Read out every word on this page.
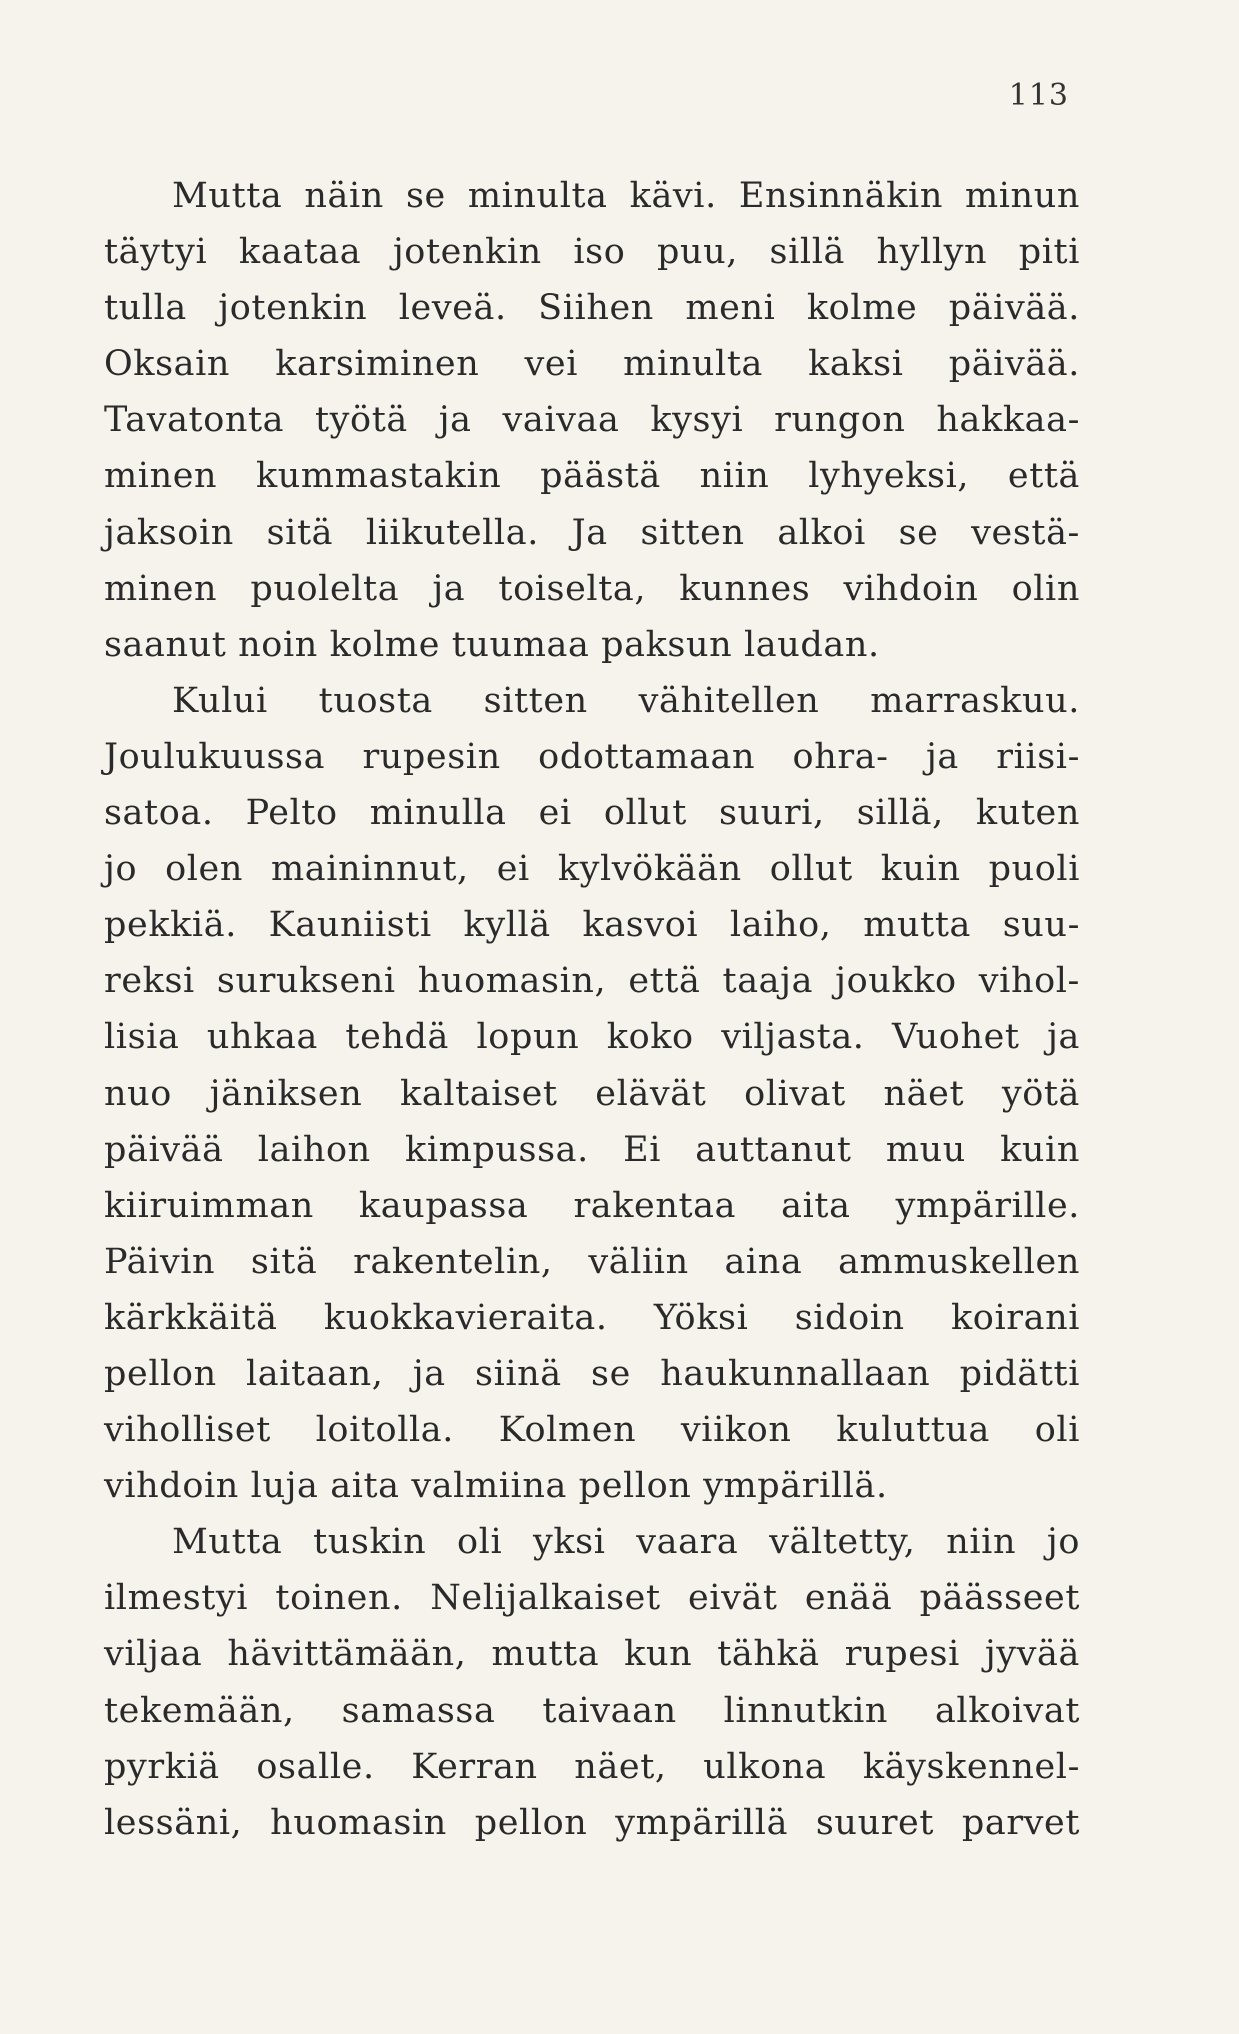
113
Mutta näin se minulta kävi. Ensinnäkin minun
täytyi kaataa jotenkin iso puu, sillä hyllyn piti
tulla jotenkin leveä. Siihen meni kolme päivää.
Oksain karsiminen vei minulta kaksi päivää.
Tavatonta työtä ja vaivaa kysyi rungon hakkaa-
minen kummastakin päästä niin lyhyeksi, että
jaksoin sitä liikutella. Ja sitten alkoi se vestä-
minen puolelta ja toiselta, kunnes vihdoin olin
saanut noin kolme tuumaa paksun laudan.
Kului tuosta sitten vähitellen marraskuu.
Joulukuussa rupesin odottamaan ohra- ja riisi-
satoa. Pelto minulla ei ollut suuri, sillä, kuten
jo olen maininnut, ei kylvökään ollut kuin puoli
pekkiä. Kauniisti kyllä kasvoi laiho, mutta suu-
reksi surukseni huomasin, että taaja joukko vihol-
lisia uhkaa tehdä lopun koko viljasta. Vuohet ja
nuo jäniksen kaltaiset elävät olivat näet yötä
päivää laihon kimpussa. Ei auttanut muu kuin
kiiruimman kaupassa rakentaa aita ympärille.
Päivin sitä rakentelin, väliin aina ammuskellen
kärkkäitä kuokkavieraita. Yöksi sidoin koirani
pellon laitaan, ja siinä se haukunnallaan pidätti
viholliset loitolla. Kolmen viikon kuluttua oli
vihdoin luja aita valmiina pellon ympärillä.
Mutta tuskin oli yksi vaara vältetty, niin jo
ilmestyi toinen. Nelijalkaiset eivät enää päässeet
viljaa hävittämään, mutta kun tähkä rupesi jyvää
tekemään, samassa taivaan linnutkin alkoivat
pyrkiä osalle. Kerran näet, ulkona käyskennel-
lessäni, huomasin pellon ympärillä suuret parvet
